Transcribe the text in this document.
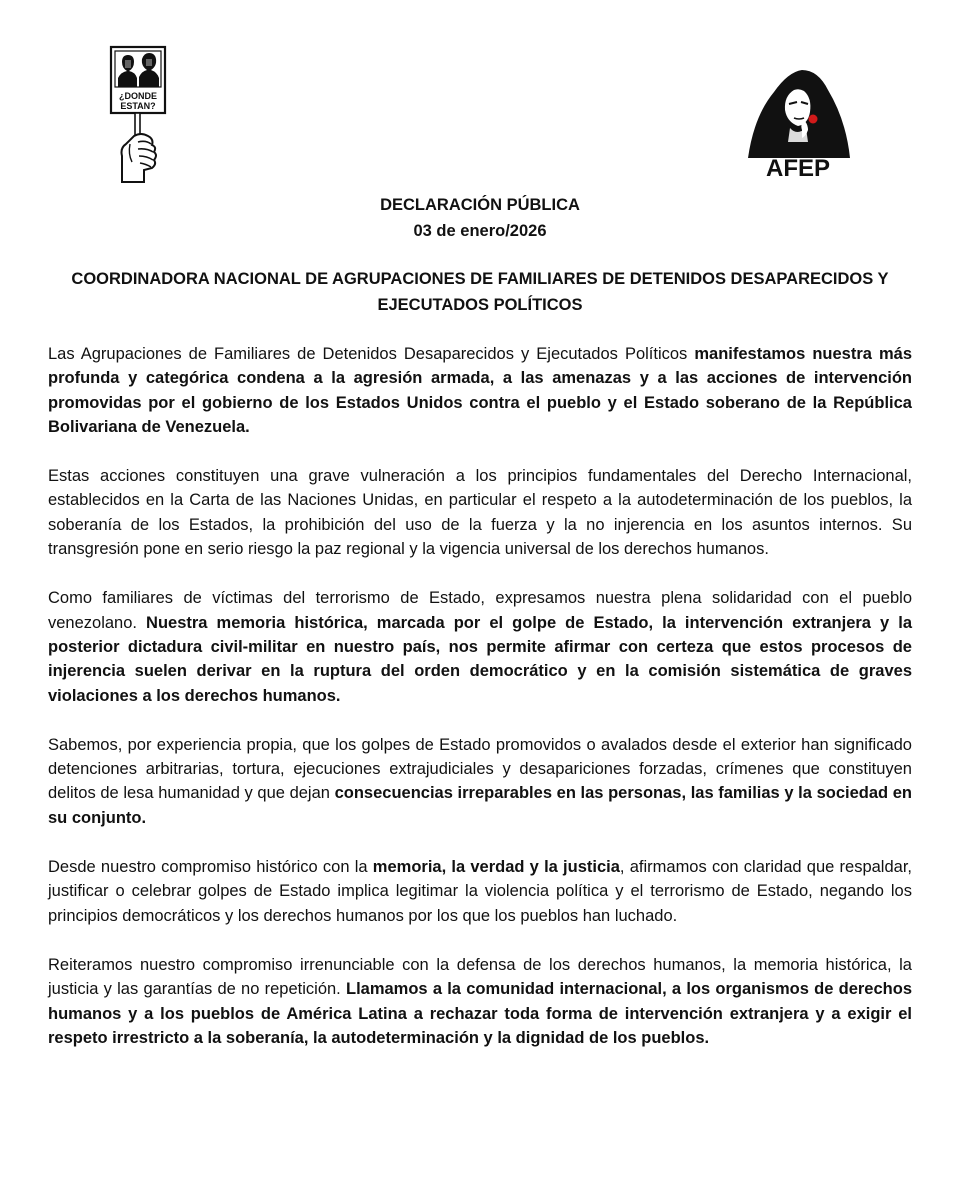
¿DONDE
ESTAN?
AFEP
DECLARACIÓN PÚBLICA
03 de enero/2026
COORDINADORA NACIONAL DE AGRUPACIONES DE FAMILIARES DE DETENIDOS DESAPARECIDOS Y
EJECUTADOS POLÍTICOS

Las Agrupaciones de Familiares de Detenidos Desaparecidos y Ejecutados Políticos manifestamos nuestra más profunda y categórica condena a la agresión armada, a las amenazas y a las acciones de intervención promovidas por el gobierno de los Estados Unidos contra el pueblo y el Estado soberano de la República Bolivariana de Venezuela.

Estas acciones constituyen una grave vulneración a los principios fundamentales del Derecho Internacional, establecidos en la Carta de las Naciones Unidas, en particular el respeto a la autodeterminación de los pueblos, la soberanía de los Estados, la prohibición del uso de la fuerza y la no injerencia en los asuntos internos. Su transgresión pone en serio riesgo la paz regional y la vigencia universal de los derechos humanos.

Como familiares de víctimas del terrorismo de Estado, expresamos nuestra plena solidaridad con el pueblo venezolano. Nuestra memoria histórica, marcada por el golpe de Estado, la intervención extranjera y la posterior dictadura civil-militar en nuestro país, nos permite afirmar con certeza que estos procesos de injerencia suelen derivar en la ruptura del orden democrático y en la comisión sistemática de graves violaciones a los derechos humanos.

Sabemos, por experiencia propia, que los golpes de Estado promovidos o avalados desde el exterior han significado detenciones arbitrarias, tortura, ejecuciones extrajudiciales y desapariciones forzadas, crímenes que constituyen delitos de lesa humanidad y que dejan consecuencias irreparables en las personas, las familias y la sociedad en su conjunto.

Desde nuestro compromiso histórico con la memoria, la verdad y la justicia, afirmamos con claridad que respaldar, justificar o celebrar golpes de Estado implica legitimar la violencia política y el terrorismo de Estado, negando los principios democráticos y los derechos humanos por los que los pueblos han luchado.

Reiteramos nuestro compromiso irrenunciable con la defensa de los derechos humanos, la memoria histórica, la justicia y las garantías de no repetición. Llamamos a la comunidad internacional, a los organismos de derechos humanos y a los pueblos de América Latina a rechazar toda forma de intervención extranjera y a exigir el respeto irrestricto a la soberanía, la autodeterminación y la dignidad de los pueblos.
